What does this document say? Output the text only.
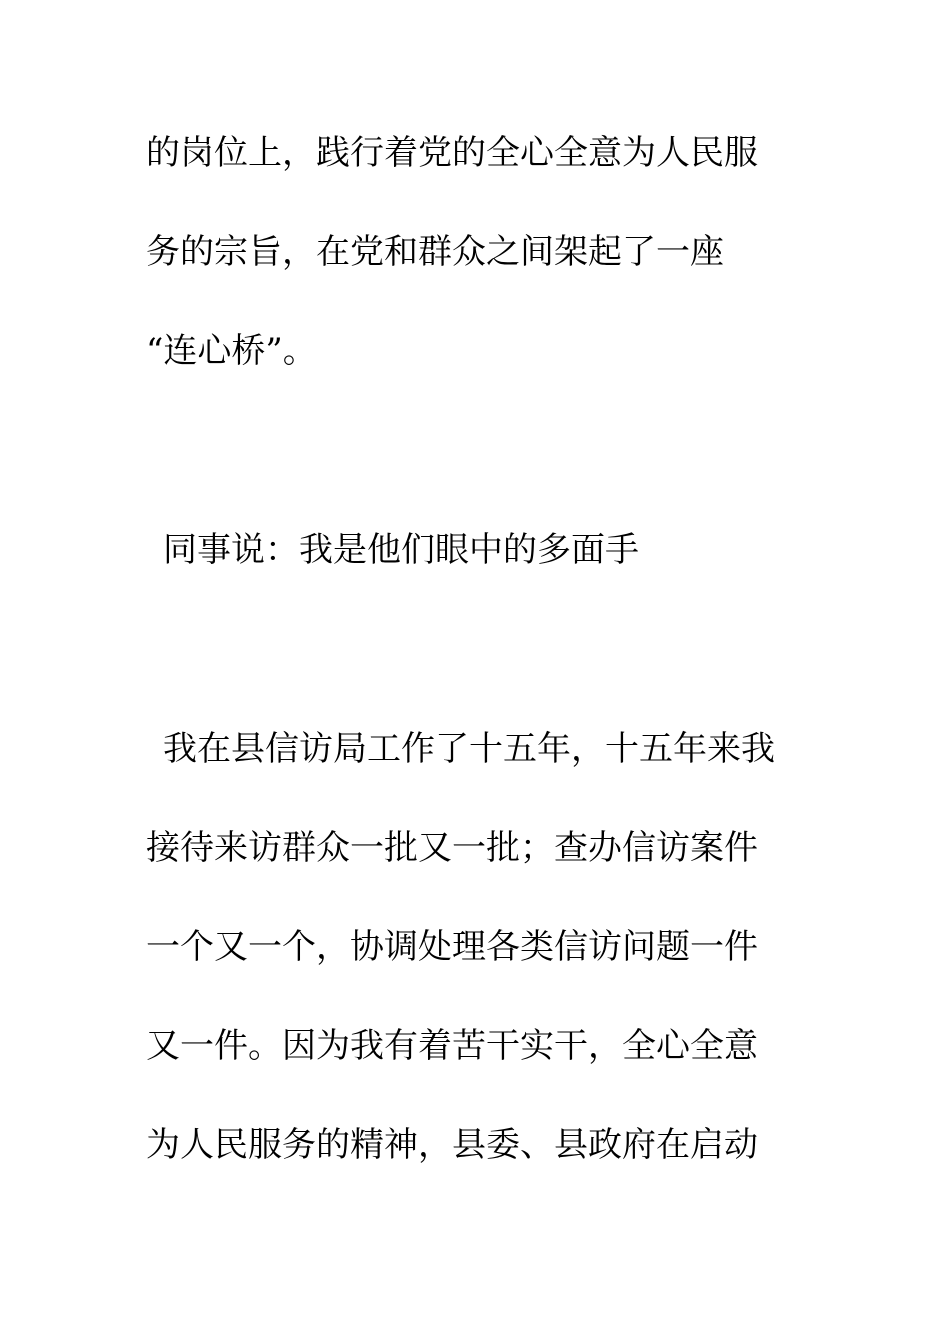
的岗位上，践行着党的全心全意为人民服
务的宗旨，在党和群众之间架起了一座
“连心桥”。
同事说：我是他们眼中的多面手
我在县信访局工作了十五年，十五年来我
接待来访群众一批又一批；查办信访案件
一个又一个，协调处理各类信访问题一件
又一件。因为我有着苦干实干，全心全意
为人民服务的精神，县委、县政府在启动
